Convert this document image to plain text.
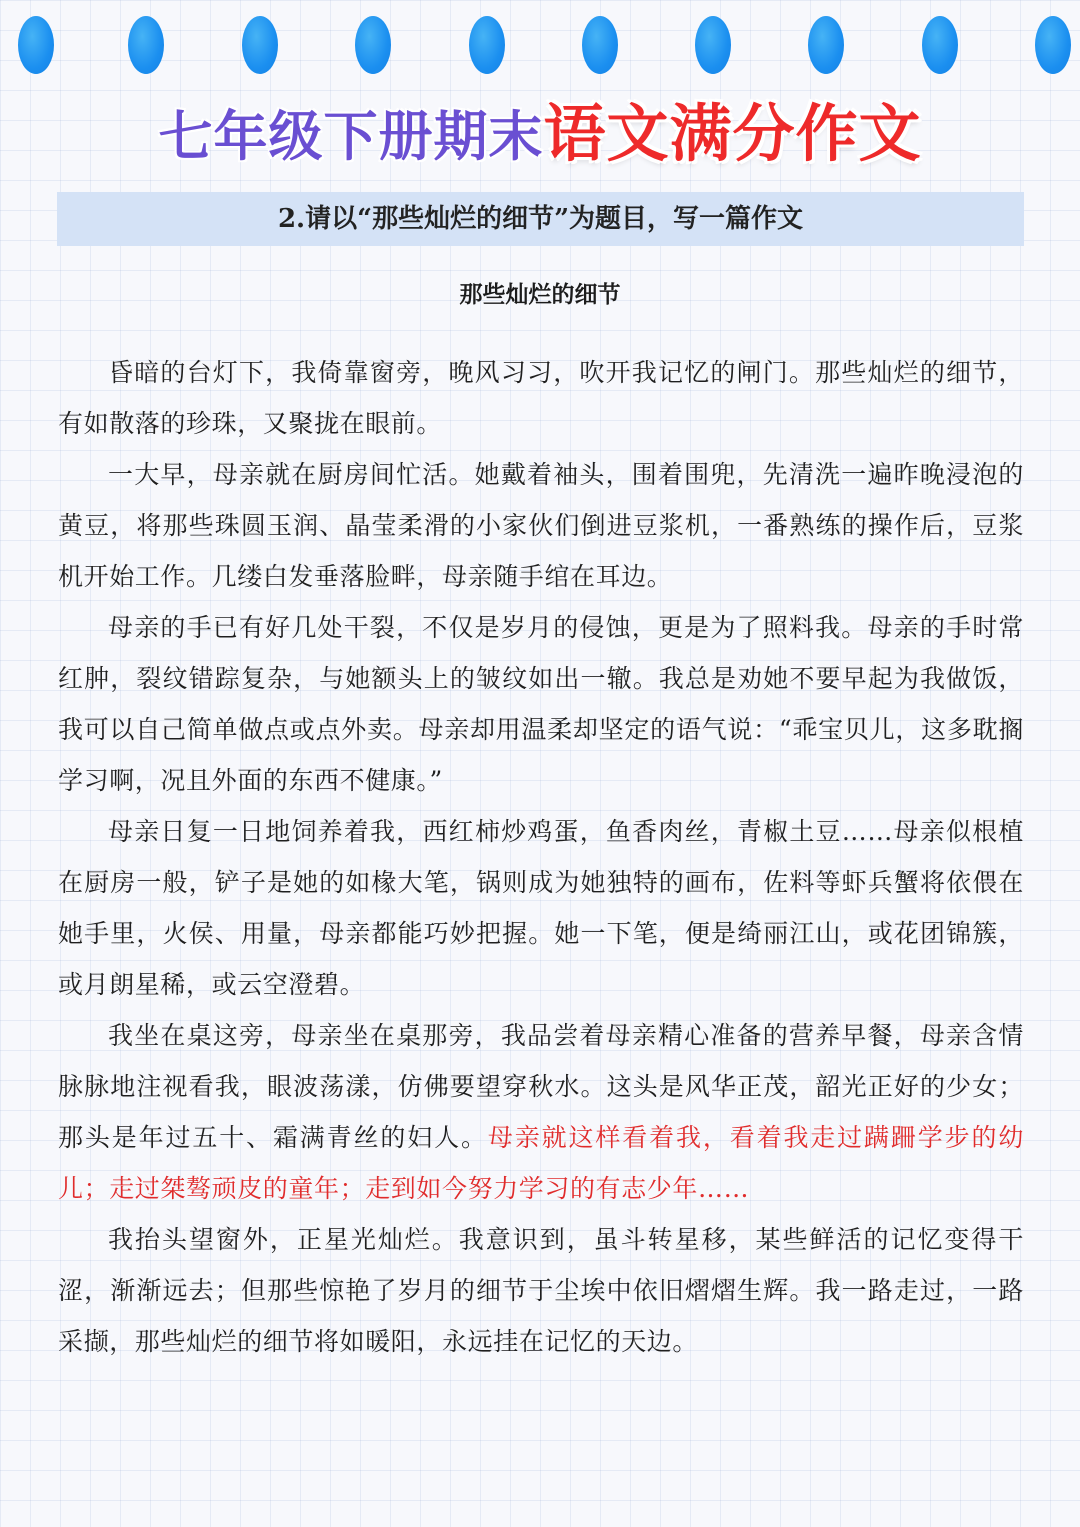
七年级下册期末语文满分作文
2.请以“那些灿烂的细节”为题目，写一篇作文
那些灿烂的细节

昏暗的台灯下，我倚靠窗旁，晚风习习，吹开我记忆的闸门。那些灿烂的细节，有如散落的珍珠，又聚拢在眼前。

一大早，母亲就在厨房间忙活。她戴着袖头，围着围兜，先清洗一遍昨晚浸泡的黄豆，将那些珠圆玉润、晶莹柔滑的小家伙们倒进豆浆机，一番熟练的操作后，豆浆机开始工作。几缕白发垂落脸畔，母亲随手绾在耳边。

母亲的手已有好几处干裂，不仅是岁月的侵蚀，更是为了照料我。母亲的手时常红肿，裂纹错踪复杂，与她额头上的皱纹如出一辙。我总是劝她不要早起为我做饭，我可以自己简单做点或点外卖。母亲却用温柔却坚定的语气说：“乖宝贝儿，这多耽搁学习啊，况且外面的东西不健康。”

母亲日复一日地饲养着我，西红柿炒鸡蛋，鱼香肉丝，青椒土豆……母亲似根植在厨房一般，铲子是她的如椽大笔，锅则成为她独特的画布，佐料等虾兵蟹将依偎在她手里，火侯、用量，母亲都能巧妙把握。她一下笔，便是绮丽江山，或花团锦簇，或月朗星稀，或云空澄碧。

我坐在桌这旁，母亲坐在桌那旁，我品尝着母亲精心准备的营养早餐，母亲含情脉脉地注视看我，眼波荡漾，仿佛要望穿秋水。这头是风华正茂，韶光正好的少女；那头是年过五十、霜满青丝的妇人。母亲就这样看着我，看着我走过蹒跚学步的幼儿；走过桀骜顽皮的童年；走到如今努力学习的有志少年……

我抬头望窗外，正星光灿烂。我意识到，虽斗转星移，某些鲜活的记忆变得干涩，渐渐远去；但那些惊艳了岁月的细节于尘埃中依旧熠熠生辉。我一路走过，一路采撷，那些灿烂的细节将如暖阳，永远挂在记忆的天边。
